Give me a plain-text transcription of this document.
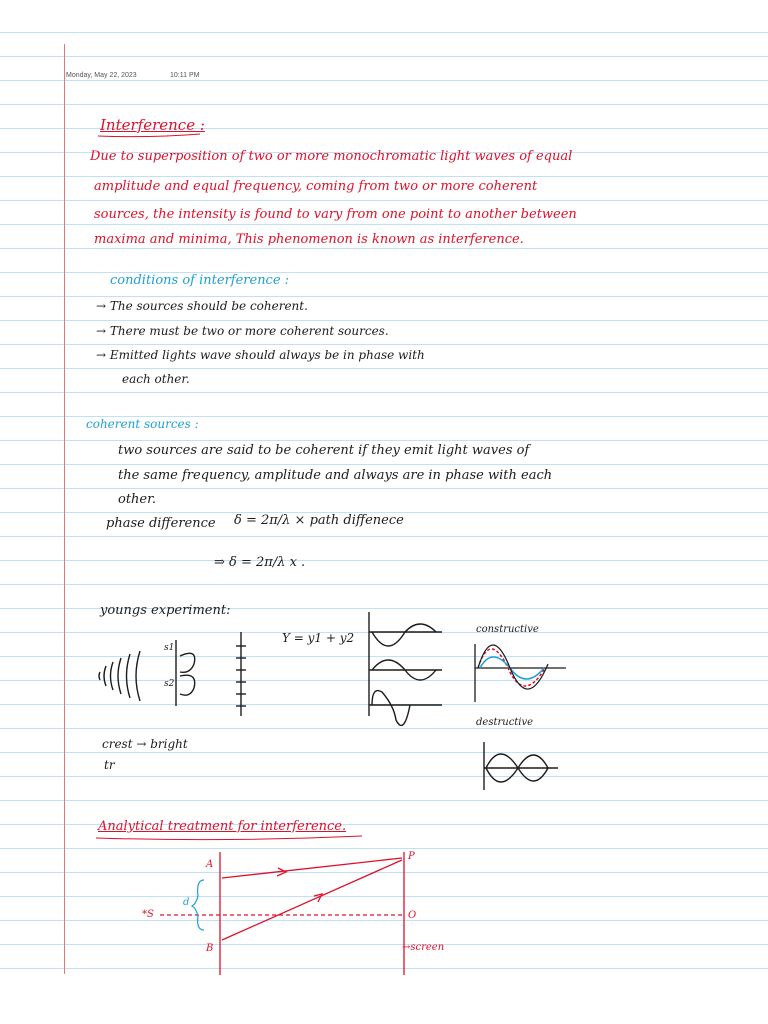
Monday, May 22, 2023	10:11 PM
Interference :
Due to superposition of two or more monochromatic light waves of equal
amplitude and equal frequency, coming from two or more coherent
sources, the intensity is found to vary from one point to another between
maxima and minima, This phenomenon is known as interference.
conditions of interference :
→ The sources should be coherent.
→ There must be two or more coherent sources.
→ Emitted lights wave should always be in phase with
each other.
coherent sources :
two sources are said to be coherent if they emit light waves of
the same frequency, amplitude and always are in phase with each
other.
phase difference δ = 2π/λ × path diffenece
⇒ δ = 2π/λ x .
youngs experiment:
s1
s2
Y = y1 + y2
constructive
destructive
crest → bright
tr
Analytical treatment for interference.
A
B
P
*S	O
d
→screen
